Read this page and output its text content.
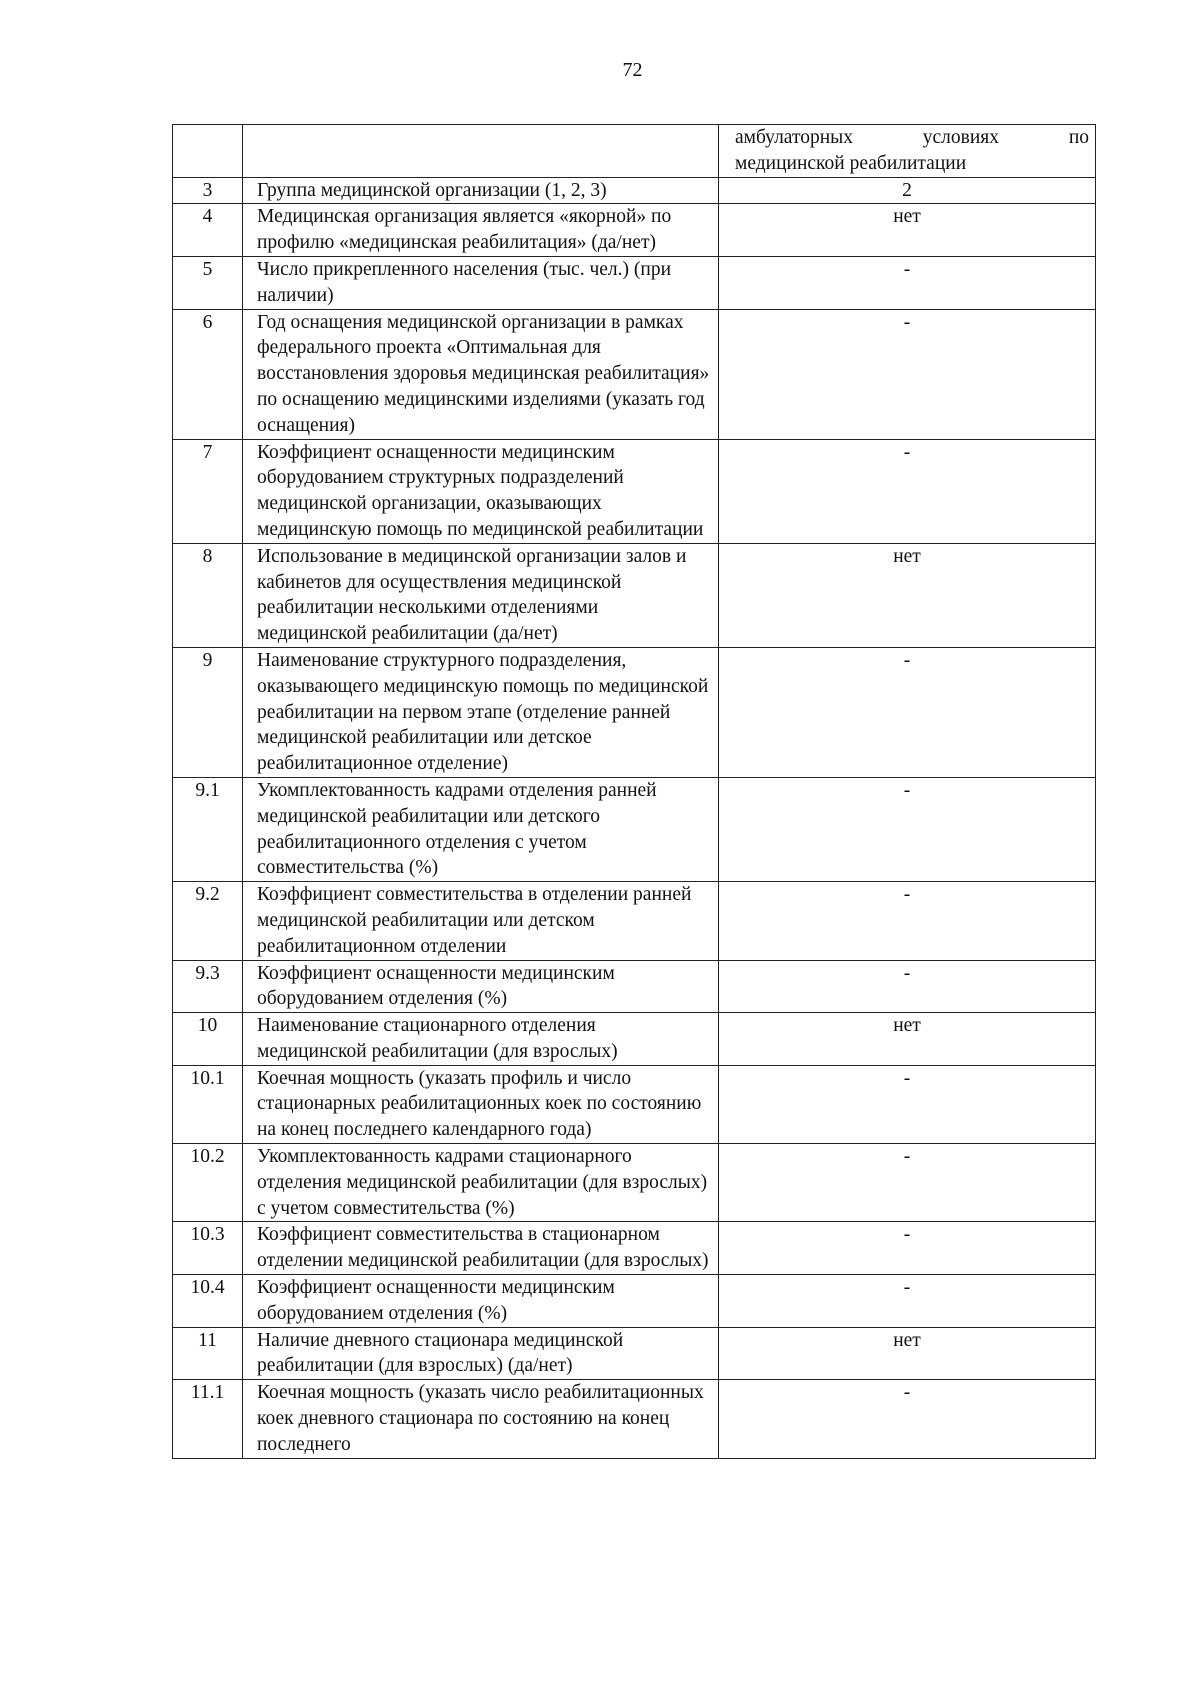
72

		амбулаторных условиях по
медицинской реабилитации

3	Группа медицинской организации (1, 2, 3)	2
4	Медицинская организация является «якорной» по профилю «медицинская реабилитация» (да/нет)	нет
5	Число прикрепленного населения (тыс. чел.) (при наличии)	-
6	Год оснащения медицинской организации в рамках федерального проекта «Оптимальная для восстановления здоровья медицинская реабилитация» по оснащению медицинскими изделиями (указать год оснащения)	-
7	Коэффициент оснащенности медицинским оборудованием структурных подразделений медицинской организации, оказывающих медицинскую помощь по медицинской реабилитации	-
8	Использование в медицинской организации залов и кабинетов для осуществления медицинской реабилитации несколькими отделениями медицинской реабилитации (да/нет)	нет
9	Наименование структурного подразделения, оказывающего медицинскую помощь по медицинской реабилитации на первом этапе (отделение ранней медицинской реабилитации или детское реабилитационное отделение)	-
9.1	Укомплектованность кадрами отделения ранней медицинской реабилитации или детского реабилитационного отделения с учетом совместительства (%)	-
9.2	Коэффициент совместительства в отделении ранней медицинской реабилитации или детском реабилитационном отделении	-
9.3	Коэффициент оснащенности медицинским оборудованием отделения (%)	-
10	Наименование стационарного отделения медицинской реабилитации (для взрослых)	нет
10.1	Коечная мощность (указать профиль и число стационарных реабилитационных коек по состоянию на конец последнего календарного года)	-
10.2	Укомплектованность кадрами стационарного отделения медицинской реабилитации (для взрослых) с учетом совместительства (%)	-
10.3	Коэффициент совместительства в стационарном отделении медицинской реабилитации (для взрослых)	-
10.4	Коэффициент оснащенности медицинским оборудованием отделения (%)	-
11	Наличие дневного стационара медицинской реабилитации (для взрослых) (да/нет)	нет
11.1	Коечная мощность (указать число реабилитационных коек дневного стационара по состоянию на конец последнего	-
